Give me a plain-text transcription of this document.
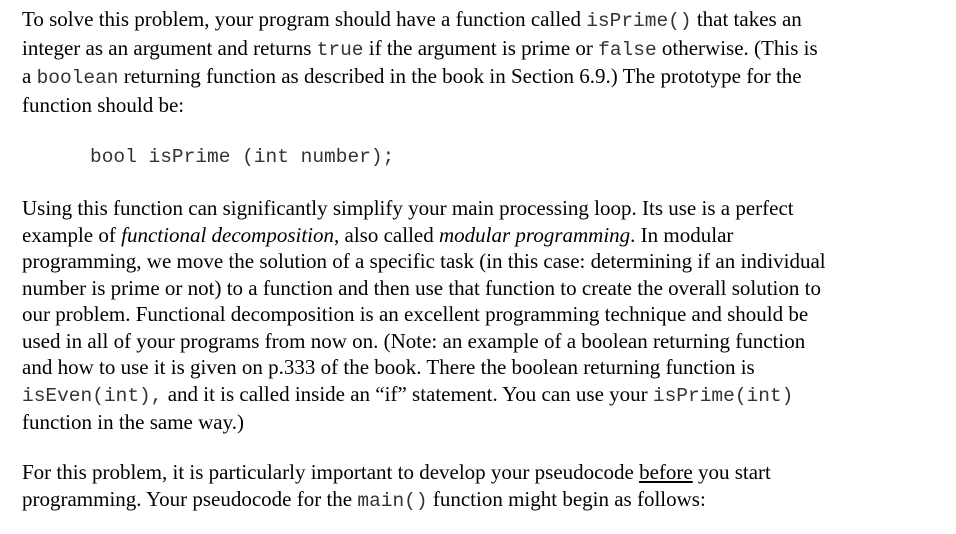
To solve this problem, your program should have a function called isPrime() that takes an
integer as an argument and returns true if the argument is prime or false otherwise. (This is
a boolean returning function as described in the book in Section 6.9.) The prototype for the
function should be:
bool isPrime (int number);
Using this function can significantly simplify your main processing loop. Its use is a perfect
example of functional decomposition, also called modular programming. In modular
programming, we move the solution of a specific task (in this case: determining if an individual
number is prime or not) to a function and then use that function to create the overall solution to
our problem. Functional decomposition is an excellent programming technique and should be
used in all of your programs from now on. (Note: an example of a boolean returning function
and how to use it is given on p.333 of the book. There the boolean returning function is
isEven(int), and it is called inside an “if” statement. You can use your isPrime(int)
function in the same way.)
For this problem, it is particularly important to develop your pseudocode before you start
programming. Your pseudocode for the main() function might begin as follows:
